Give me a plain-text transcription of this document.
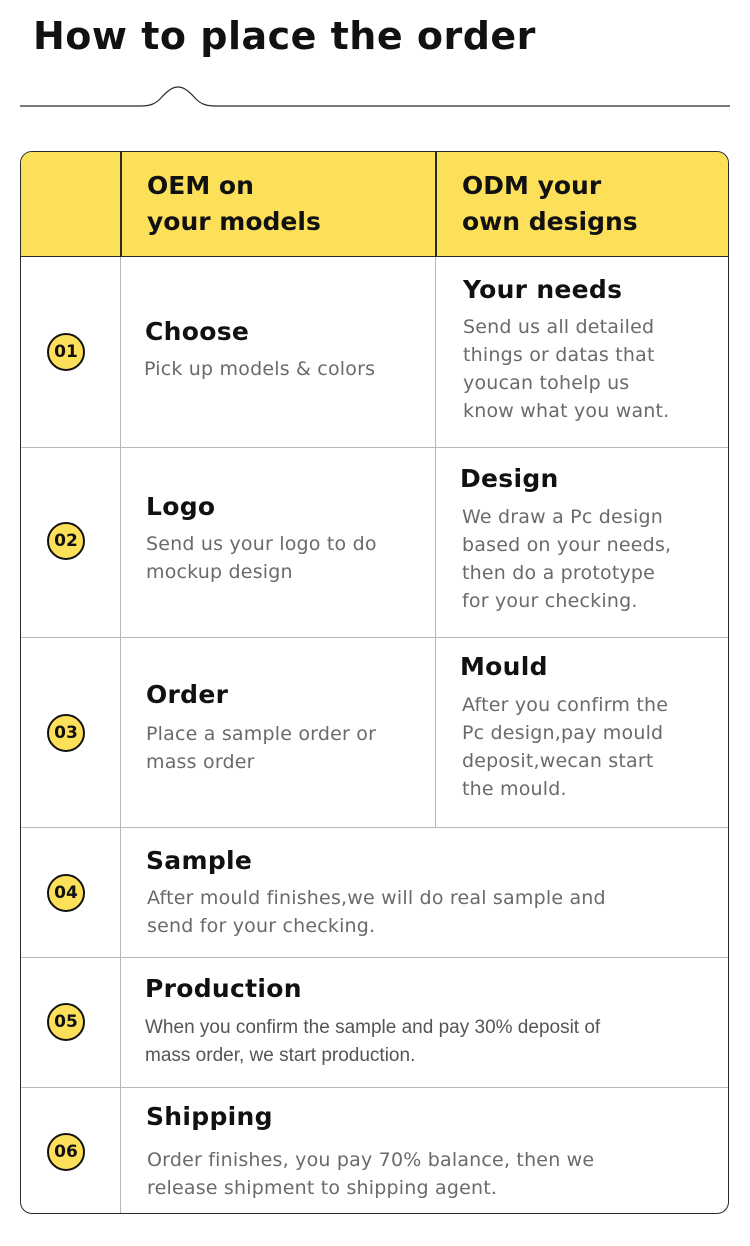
How to place the order
OEM on
your models
ODM your
own designs
01
Choose
Pick up models & colors
Your needs
Send us all detailed
things or datas that
youcan tohelp us
know what you want.
02
Logo
Send us your logo to do
mockup design
Design
We draw a Pc design
based on your needs,
then do a prototype
for your checking.
03
Order
Place a sample order or
mass order
Mould
After you confirm the
Pc design,pay mould
deposit,wecan start
the mould.
04
Sample
After mould finishes,we will do real sample and
send for your checking.
05
Production
When you confirm the sample and pay 30% deposit of
mass order, we start production.
06
Shipping
Order finishes, you pay 70% balance, then we
release shipment to shipping agent.
